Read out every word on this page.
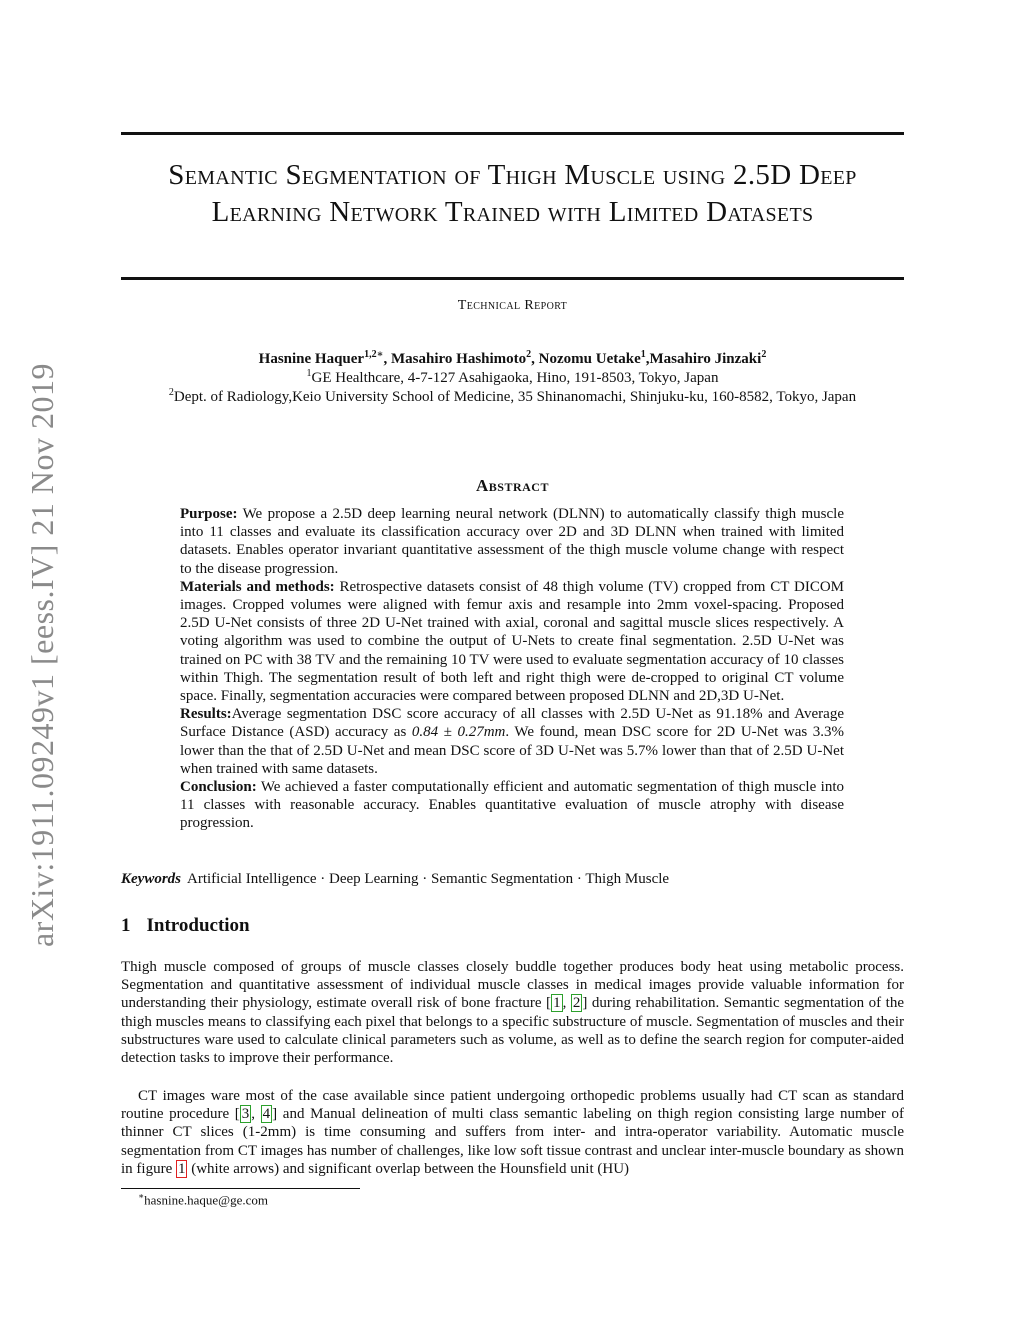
arXiv:1911.09249v1 [eess.IV] 21 Nov 2019
Semantic Segmentation of Thigh Muscle using 2.5D Deep Learning Network Trained with Limited Datasets
Technical Report
Hasnine Haquer$^{1,2∗}$, Masahiro Hashimoto$^2$, Nozomu Uetake$^1$,Masahiro Jinzaki$^2$
$^1$GE Healthcare, 4-7-127 Asahigaoka, Hino, 191-8503, Tokyo, Japan
$^2$Dept. of Radiology,Keio University School of Medicine, 35 Shinanomachi, Shinjuku-ku, 160-8582, Tokyo, Japan
Abstract

Purpose: We propose a 2.5D deep learning neural network (DLNN) to automatically classify thigh muscle into 11 classes and evaluate its classification accuracy over 2D and 3D DLNN when trained with limited datasets. Enables operator invariant quantitative assessment of the thigh muscle volume change with respect to the disease progression.

Materials and methods: Retrospective datasets consist of 48 thigh volume (TV) cropped from CT DICOM images. Cropped volumes were aligned with femur axis and resample into 2mm voxel-spacing. Proposed 2.5D U-Net consists of three 2D U-Net trained with axial, coronal and sagittal muscle slices respectively. A voting algorithm was used to combine the output of U-Nets to create final segmentation. 2.5D U-Net was trained on PC with 38 TV and the remaining 10 TV were used to evaluate segmentation accuracy of 10 classes within Thigh. The segmentation result of both left and right thigh were de-cropped to original CT volume space. Finally, segmentation accuracies were compared between proposed DLNN and 2D,3D U-Net.

Results:Average segmentation DSC score accuracy of all classes with 2.5D U-Net as 91.18% and Average Surface Distance (ASD) accuracy as 0.84 ± 0.27mm. We found, mean DSC score for 2D U-Net was 3.3% lower than the that of 2.5D U-Net and mean DSC score of 3D U-Net was 5.7% lower than that of 2.5D U-Net when trained with same datasets.

Conclusion: We achieved a faster computationally efficient and automatic segmentation of thigh muscle into 11 classes with reasonable accuracy. Enables quantitative evaluation of muscle atrophy with disease progression.

Keywords Artificial Intelligence · Deep Learning · Semantic Segmentation · Thigh Muscle
1 Introduction

Thigh muscle composed of groups of muscle classes closely buddle together produces body heat using metabolic process. Segmentation and quantitative assessment of individual muscle classes in medical images provide valuable information for understanding their physiology, estimate overall risk of bone fracture [ 1 , 2 ] during rehabilitation. Semantic segmentation of the thigh muscles means to classifying each pixel that belongs to a specific substructure of muscle. Segmentation of muscles and their substructures ware used to calculate clinical parameters such as volume, as well as to define the search region for computer-aided detection tasks to improve their performance.

CT images ware most of the case available since patient undergoing orthopedic problems usually had CT scan as standard routine procedure [ 3 , 4 ] and Manual delineation of multi class semantic labeling on thigh region consisting large number of thinner CT slices (1-2mm) is time consuming and suffers from inter- and intra-operator variability. Automatic muscle segmentation from CT images has number of challenges, like low soft tissue contrast and unclear inter-muscle boundary as shown in figure 1 (white arrows) and significant overlap between the Hounsfield unit (HU)

∗hasnine.haque@ge.com
